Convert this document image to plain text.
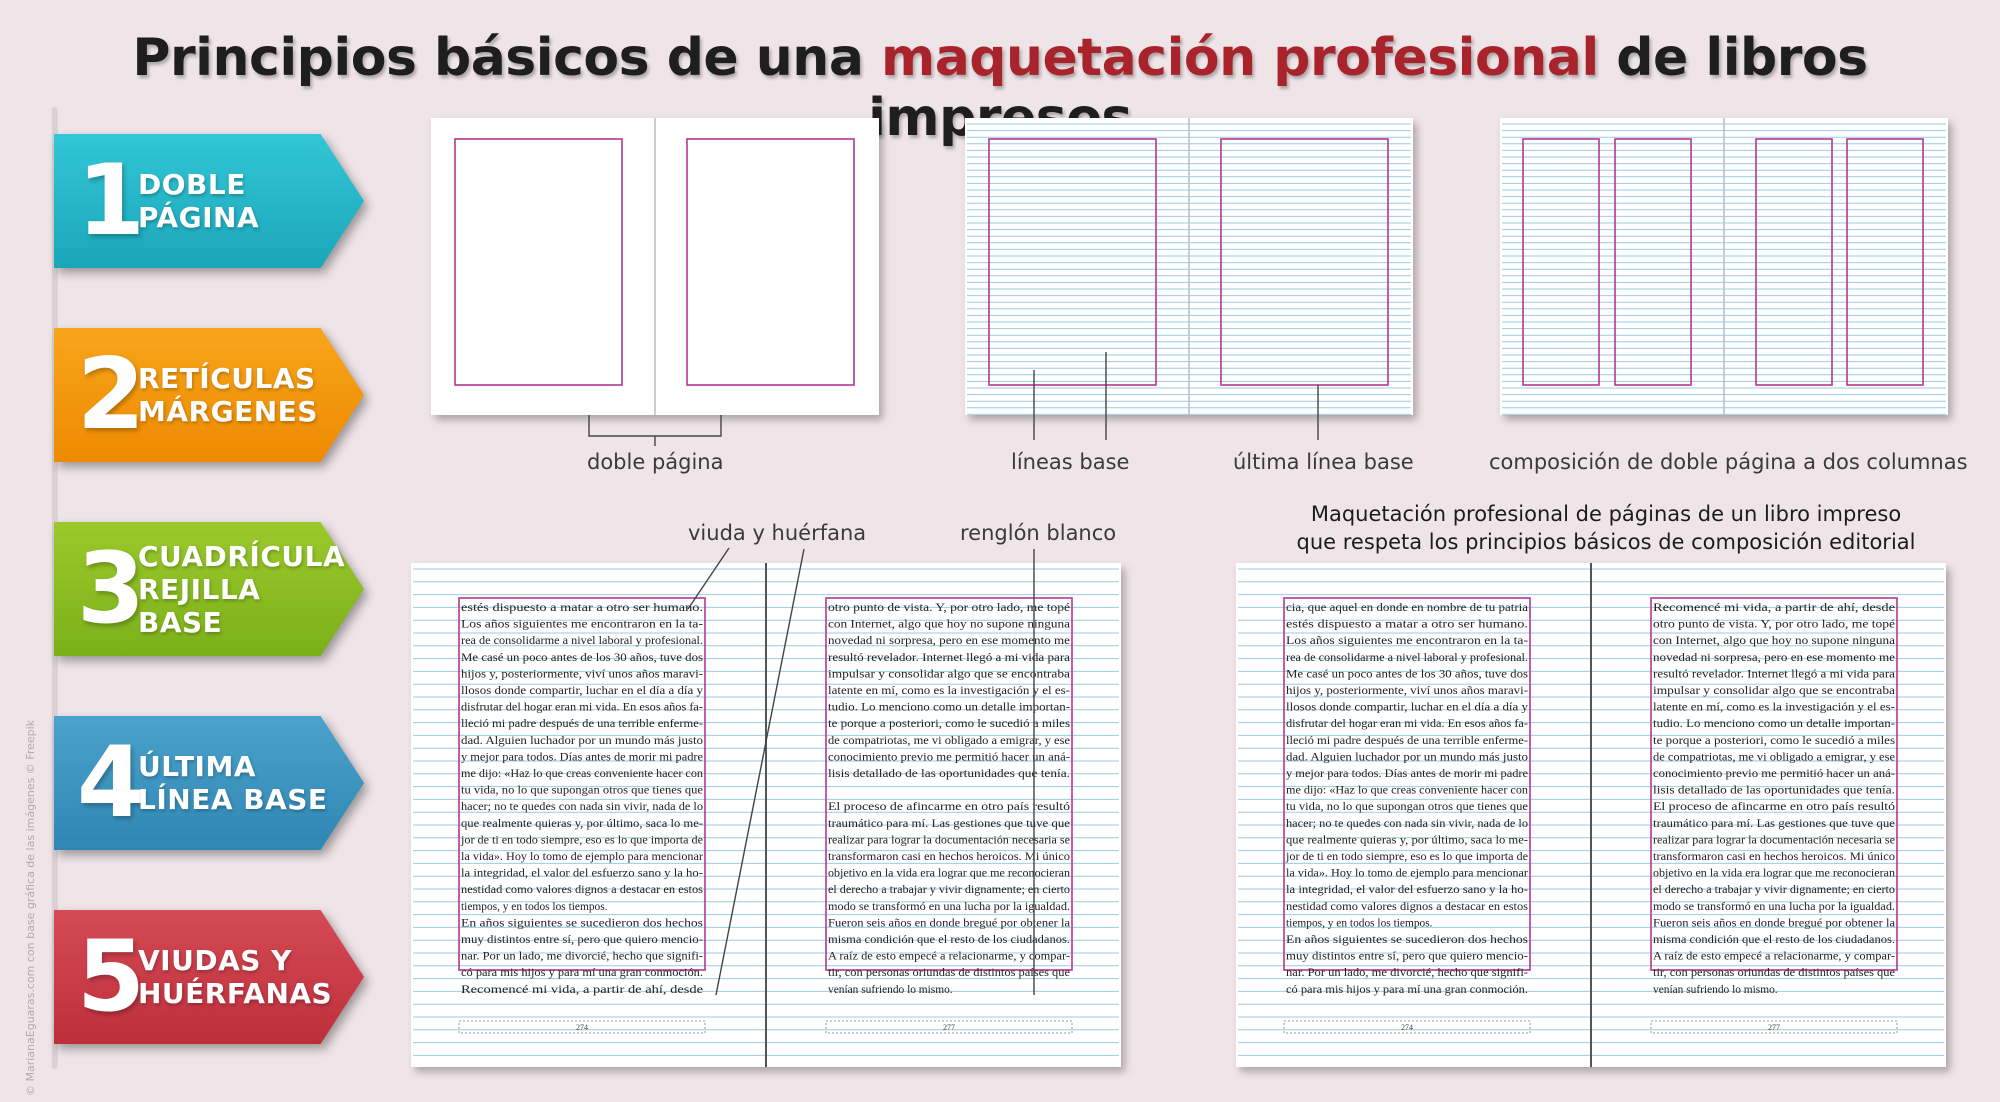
Principios básicos de una maquetación profesional de libros
1
DOBLE
PÁGINA
2
RETÍCULAS
MÁRGENES
3
CUADRÍCULA
REJILLA BASE
4
ÚLTIMA
LÍNEA BASE
5
VIUDAS Y
HUÉRFANAS
estés dispuesto a matar a otro ser humano.
Los años siguientes me encontraron en la ta-
rea de consolidarme a nivel laboral y profesional.
Me casé un poco antes de los 30 años, tuve dos
hijos y, posteriormente, viví unos años maravi-
llosos donde compartir, luchar en el día a día y
disfrutar del hogar eran mi vida. En esos años fa-
lleció mi padre después de una terrible enferme-
dad. Alguien luchador por un mundo más justo
y mejor para todos. Días antes de morir mi padre
me dijo: «Haz lo que creas conveniente hacer con
tu vida, no lo que supongan otros que tienes que
hacer; no te quedes con nada sin vivir, nada de lo
que realmente quieras y, por último, saca lo me-
jor de ti en todo siempre, eso es lo que importa de
la vida». Hoy lo tomo de ejemplo para mencionar
la integridad, el valor del esfuerzo sano y la ho-
nestidad como valores dignos a destacar en estos
tiempos, y en todos los tiempos.
En años siguientes se sucedieron dos hechos
muy distintos entre sí, pero que quiero mencio-
nar. Por un lado, me divorcié, hecho que signifi-
có para mis hijos y para mí una gran conmoción.
Recomencé mi vida, a partir de ahí, desde
274
otro punto de vista. Y, por otro lado, me topé
con Internet, algo que hoy no supone ninguna
novedad ni sorpresa, pero en ese momento me
resultó revelador. Internet llegó a mi vida para
impulsar y consolidar algo que se encontraba
latente en mí, como es la investigación y el es-
tudio. Lo menciono como un detalle importan-
te porque a posteriori, como le sucedió a miles
de compatriotas, me vi obligado a emigrar, y ese
conocimiento previo me permitió hacer un aná-
lisis detallado de las oportunidades que tenía.
El proceso de afincarme en otro país resultó
traumático para mí. Las gestiones que tuve que
realizar para lograr la documentación necesaria se
transformaron casi en hechos heroicos. Mi único
objetivo en la vida era lograr que me reconocieran
el derecho a trabajar y vivir dignamente; en cierto
modo se transformó en una lucha por la igualdad.
Fueron seis años en donde bregué por obtener la
misma condición que el resto de los ciudadanos.
A raíz de esto empecé a relacionarme, y compar-
tir, con personas oriundas de distintos países que
venían sufriendo lo mismo.
277
cia, que aquel en donde en nombre de tu patria
estés dispuesto a matar a otro ser humano.
Los años siguientes me encontraron en la ta-
rea de consolidarme a nivel laboral y profesional.
Me casé un poco antes de los 30 años, tuve dos
hijos y, posteriormente, viví unos años maravi-
llosos donde compartir, luchar en el día a día y
disfrutar del hogar eran mi vida. En esos años fa-
lleció mi padre después de una terrible enferme-
dad. Alguien luchador por un mundo más justo
y mejor para todos. Días antes de morir mi padre
me dijo: «Haz lo que creas conveniente hacer con
tu vida, no lo que supongan otros que tienes que
hacer; no te quedes con nada sin vivir, nada de lo
que realmente quieras y, por último, saca lo me-
jor de ti en todo siempre, eso es lo que importa de
la vida». Hoy lo tomo de ejemplo para mencionar
la integridad, el valor del esfuerzo sano y la ho-
nestidad como valores dignos a destacar en estos
tiempos, y en todos los tiempos.
En años siguientes se sucedieron dos hechos
muy distintos entre sí, pero que quiero mencio-
nar. Por un lado, me divorcié, hecho que signifi-
có para mis hijos y para mí una gran conmoción.
274
Recomencé mi vida, a partir de ahí, desde
otro punto de vista. Y, por otro lado, me topé
con Internet, algo que hoy no supone ninguna
novedad ni sorpresa, pero en ese momento me
resultó revelador. Internet llegó a mi vida para
impulsar y consolidar algo que se encontraba
latente en mí, como es la investigación y el es-
tudio. Lo menciono como un detalle importan-
te porque a posteriori, como le sucedió a miles
de compatriotas, me vi obligado a emigrar, y ese
conocimiento previo me permitió hacer un aná-
lisis detallado de las oportunidades que tenía.
El proceso de afincarme en otro país resultó
traumático para mí. Las gestiones que tuve que
realizar para lograr la documentación necesaria se
transformaron casi en hechos heroicos. Mi único
objetivo en la vida era lograr que me reconocieran
el derecho a trabajar y vivir dignamente; en cierto
modo se transformó en una lucha por la igualdad.
Fueron seis años en donde bregué por obtener la
misma condición que el resto de los ciudadanos.
A raíz de esto empecé a relacionarme, y compar-
tir, con personas oriundas de distintos países que
venían sufriendo lo mismo.
277
doble página	líneas base	última línea base	composición de doble página a dos columnas
viuda y huérfana	renglón blanco
Maquetación profesional de páginas de un libro impreso
que respeta los principios básicos de composición editorial
© MarianaEguaras.com con base gráfica de las imágenes © Freepik
